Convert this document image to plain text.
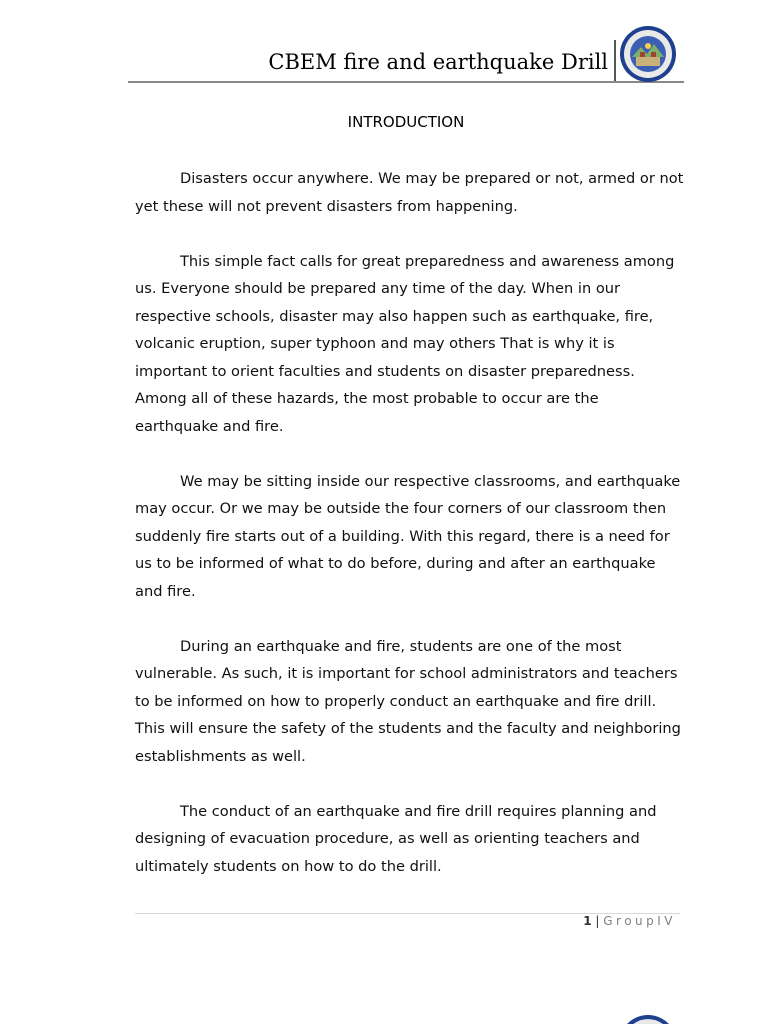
CBEM fire and earthquake Drill
INTRODUCTION

Disasters occur anywhere. We may be prepared or not, armed or not yet these will not prevent disasters from happening.

This simple fact calls for great preparedness and awareness among us. Everyone should be prepared any time of the day. When in our respective schools, disaster may also happen such as earthquake, fire, volcanic eruption, super typhoon and may others That is why it is important to orient faculties and students on disaster preparedness. Among all of these hazards, the most probable to occur are the earthquake and fire.

We may be sitting inside our respective classrooms, and earthquake may occur. Or we may be outside the four corners of our classroom then suddenly fire starts out of a building. With this regard, there is a need for us to be informed of what to do before, during and after an earthquake and fire.

During an earthquake and fire, students are one of the most vulnerable. As such, it is important for school administrators and teachers to be informed on how to properly conduct an earthquake and fire drill. This will ensure the safety of the students and the faculty and neighboring establishments as well.

The conduct of an earthquake and fire drill requires planning and designing of evacuation procedure, as well as orienting teachers and ultimately students on how to do the drill.

1 | GroupIV
